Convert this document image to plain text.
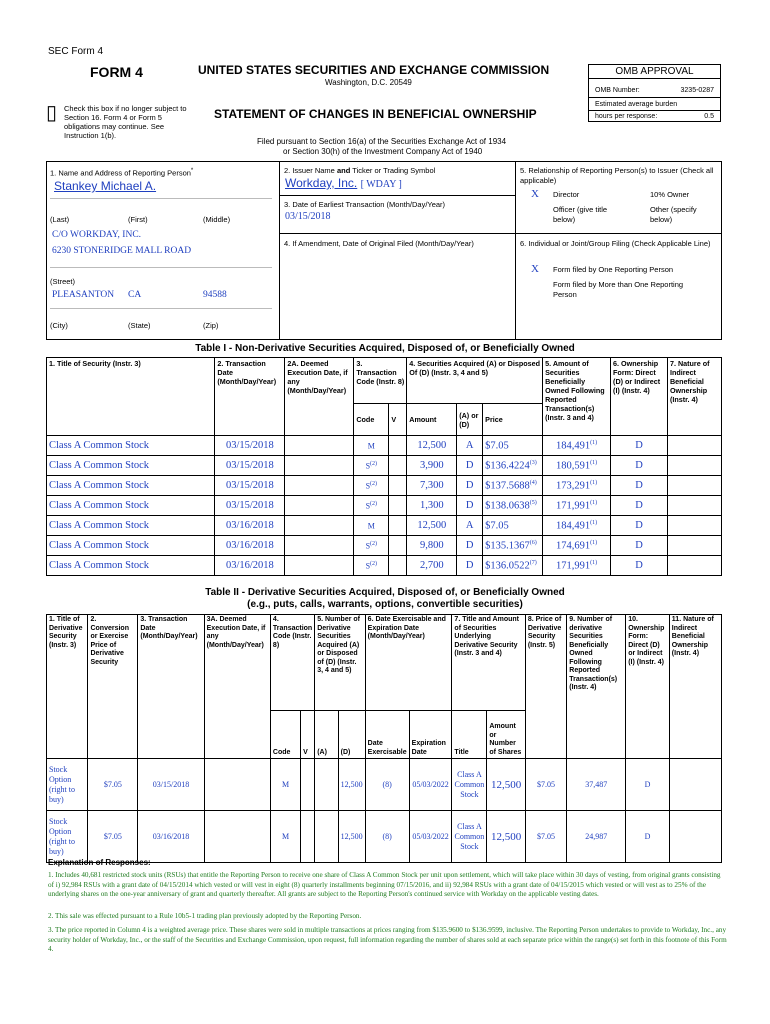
SEC Form 4
FORM 4	UNITED STATES SECURITIES AND EXCHANGE COMMISSION
Washington, D.C. 20549
▯ Check this box if no longer subject to Section 16. Form 4 or Form 5 obligations may continue. See Instruction 1(b).
STATEMENT OF CHANGES IN BENEFICIAL OWNERSHIP
Filed pursuant to Section 16(a) of the Securities Exchange Act of 1934
or Section 30(h) of the Investment Company Act of 1940
OMB APPROVAL
OMB Number:	3235-0287
Estimated average burden
hours per response:	0.5
1. Name and Address of Reporting Person*
Stankey Michael A.
(Last)	(First)	(Middle)
C/O WORKDAY, INC.
6230 STONERIDGE MALL ROAD
(Street)
PLEASANTON CA	94588
(City)	(State)	(Zip)
2. Issuer Name and Ticker or Trading Symbol
Workday, Inc. [ WDAY ]
3. Date of Earliest Transaction (Month/Day/Year)
03/15/2018
4. If Amendment, Date of Original Filed (Month/Day/Year)
5. Relationship of Reporting Person(s) to Issuer (Check all applicable)
X Director	10% Owner
Officer (give title below)
Other (specify below)
6. Individual or Joint/Group Filing (Check Applicable Line)
X Form filed by One Reporting Person
Form filed by More than One Reporting Person
Table I - Non-Derivative Securities Acquired, Disposed of, or Beneficially Owned
1. Title of Security (Instr. 3)	2. Transaction Date (Month/Day/Year)	2A. Deemed Execution Date, if any (Month/Day/Year)	3. Transaction Code (Instr. 8)		4. Securities Acquired (A) or Disposed Of (D) (Instr. 3, 4 and 5)			5. Amount of Securities Beneficially Owned Following Reported Transaction(s) (Instr. 3 and 4)	6. Ownership Form: Direct (D) or Indirect (I) (Instr. 4)	7. Nature of Indirect Beneficial Ownership (Instr. 4)
			Code	V	Amount	(A) or (D)	Price			
Class A Common Stock	03/15/2018		M		12,500	A	$7.05	184,491$^{(1)}$	D	
Class A Common Stock	03/15/2018		$S^{(2)}$		3,900	D	$136.4224$^{(3)}$	180,591$^{(1)}$	D	
Class A Common Stock	03/15/2018		$S^{(2)}$		7,300	D	$137.5688$^{(4)}$	173,291$^{(1)}$	D	
Class A Common Stock	03/15/2018		$S^{(2)}$		1,300	D	$138.0638$^{(5)}$	171,991$^{(1)}$	D	
Class A Common Stock	03/16/2018		M		12,500	A	$7.05	184,491$^{(1)}$	D	
Class A Common Stock	03/16/2018		$S^{(2)}$		9,800	D	$135.1367$^{(6)}$	174,691$^{(1)}$	D	
Class A Common Stock	03/16/2018		$S^{(2)}$		2,700	D	$136.0522$^{(7)}$	171,991$^{(1)}$	D	
Table II - Derivative Securities Acquired, Disposed of, or Beneficially Owned
(e.g., puts, calls, warrants, options, convertible securities)
1. Title of Derivative Security (Instr. 3)	2. Conversion or Exercise Price of Derivative Security	3. Transaction Date (Month/Day/Year)	3A. Deemed Execution Date, if any (Month/Day/Year)	4. Transaction Code (Instr. 8)		5. Number of Derivative Securities Acquired (A) or Disposed of (D) (Instr. 3, 4 and 5)		6. Date Exercisable and Expiration Date (Month/Day/Year)		7. Title and Amount of Securities Underlying Derivative Security (Instr. 3 and 4)		8. Price of Derivative Security (Instr. 5)	9. Number of derivative Securities Beneficially Owned Following Reported Transaction(s) (Instr. 4)	10. Ownership Form: Direct (D) or Indirect (I) (Instr. 4)	11. Nature of Indirect Beneficial Ownership (Instr. 4)
				Code	V	(A)	(D)	Date Exercisable	Expiration Date	Title	Amount or Number of Shares				
Stock Option (right to buy)	$7.05	03/15/2018		M			12,500	(8)	05/03/2022	Class A Common Stock	12,500	$7.05	37,487	D	
Stock Option (right to buy)	$7.05	03/16/2018		M			12,500	(8)	05/03/2022	Class A Common Stock	12,500	$7.05	24,987	D	
Explanation of Responses:
1. Includes 40,681 restricted stock units (RSUs) that entitle the Reporting Person to receive one share of Class A Common Stock per unit upon settlement, which will take place within 30 days of vesting, from original grants consisting of i) 92,984 RSUs with a grant date of 04/15/2014 which vested or will vest in eight (8) quarterly installments beginning 07/15/2016, and ii) 92,984 RSUs with a grant date of 04/15/2015 which vested or will vest as to 25% of the underlying shares on the one-year anniversary of grant and quarterly thereafter. All grants are subject to the Reporting Person's continued service with Workday on the applicable vesting dates.
2. This sale was effected pursuant to a Rule 10b5-1 trading plan previously adopted by the Reporting Person.
3. The price reported in Column 4 is a weighted average price. These shares were sold in multiple transactions at prices ranging from $135.9600 to $136.9599, inclusive. The Reporting Person undertakes to provide to Workday, Inc., any security holder of Workday, Inc., or the staff of the Securities and Exchange Commission, upon request, full information regarding the number of shares sold at each separate price within the range(s) set forth in this footnote of this Form 4.
